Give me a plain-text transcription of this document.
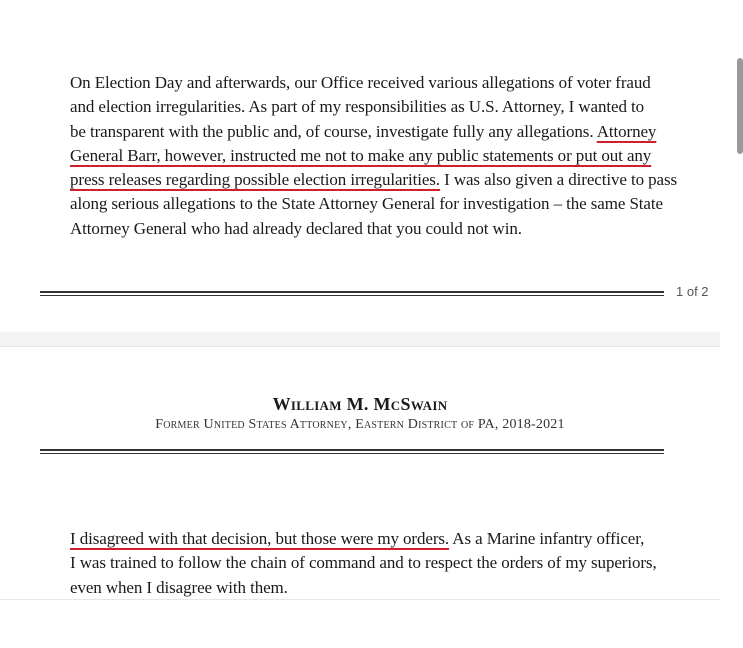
On Election Day and afterwards, our Office received various allegations of voter fraud
and election irregularities. As part of my responsibilities as U.S. Attorney, I wanted to
be transparent with the public and, of course, investigate fully any allegations. Attorney
General Barr, however, instructed me not to make any public statements or put out any
press releases regarding possible election irregularities. I was also given a directive to pass
along serious allegations to the State Attorney General for investigation – the same State
Attorney General who had already declared that you could not win.

1 of 2
William M. McSwain
Former United States Attorney, Eastern District of PA, 2018-2021

I disagreed with that decision, but those were my orders. As a Marine infantry officer,
I was trained to follow the chain of command and to respect the orders of my superiors,
even when I disagree with them.
